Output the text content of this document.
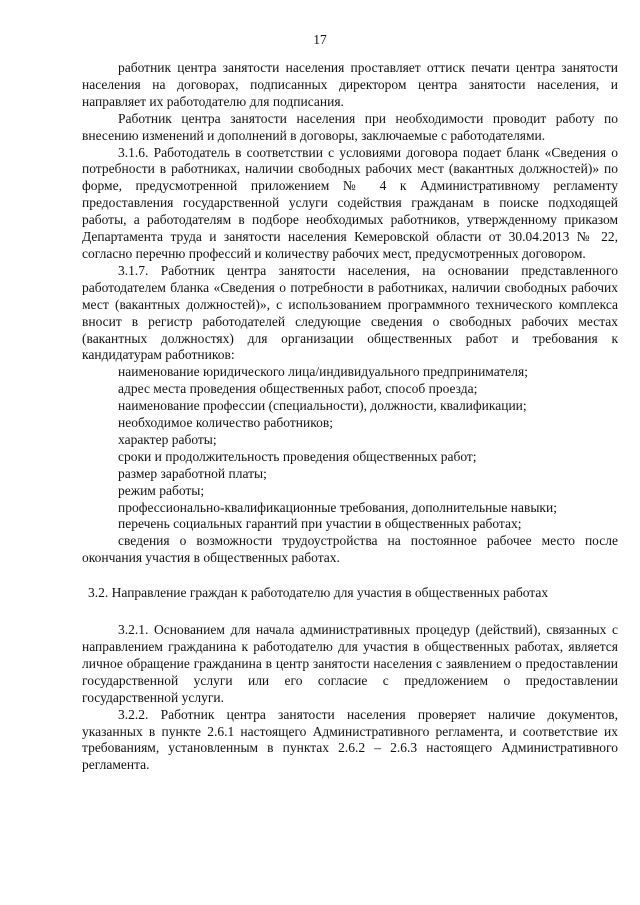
17

работник центра занятости населения проставляет оттиск печати центра занятости населения на договорах, подписанных директором центра занятости населения, и направляет их работодателю для подписания.

Работник центра занятости населения при необходимости проводит работу по внесению изменений и дополнений в договоры, заключаемые с работодателями.

3.1.6. Работодатель в соответствии с условиями договора подает бланк «Сведения о потребности в работниках, наличии свободных рабочих мест (вакантных должностей)» по форме, предусмотренной приложением № 4 к Административному регламенту предоставления государственной услуги содействия гражданам в поиске подходящей работы, а работодателям в подборе необходимых работников, утвержденному приказом Департамента труда и занятости населения Кемеровской области от 30.04.2013 № 22, согласно перечню профессий и количеству рабочих мест, предусмотренных договором.

3.1.7. Работник центра занятости населения, на основании представленного работодателем бланка «Сведения о потребности в работниках, наличии свободных рабочих мест (вакантных должностей)», с использованием программного технического комплекса вносит в регистр работодателей следующие сведения о свободных рабочих местах (вакантных должностях) для организации общественных работ и требования к кандидатурам работников:

наименование юридического лица/индивидуального предпринимателя;

адрес места проведения общественных работ, способ проезда;

наименование профессии (специальности), должности, квалификации;

необходимое количество работников;

характер работы;

сроки и продолжительность проведения общественных работ;

размер заработной платы;

режим работы;

профессионально-квалификационные требования, дополнительные навыки;

перечень социальных гарантий при участии в общественных работах;

сведения о возможности трудоустройства на постоянное рабочее место после окончания участия в общественных работах.

3.2. Направление граждан к работодателю для участия в общественных работах

3.2.1. Основанием для начала административных процедур (действий), связанных с направлением гражданина к работодателю для участия в общественных работах, является личное обращение гражданина в центр занятости населения с заявлением о предоставлении государственной услуги или его согласие с предложением о предоставлении государственной услуги.

3.2.2. Работник центра занятости населения проверяет наличие документов, указанных в пункте 2.6.1 настоящего Административного регламента, и соответствие их требованиям, установленным в пунктах 2.6.2 – 2.6.3 настоящего Административного регламента.
